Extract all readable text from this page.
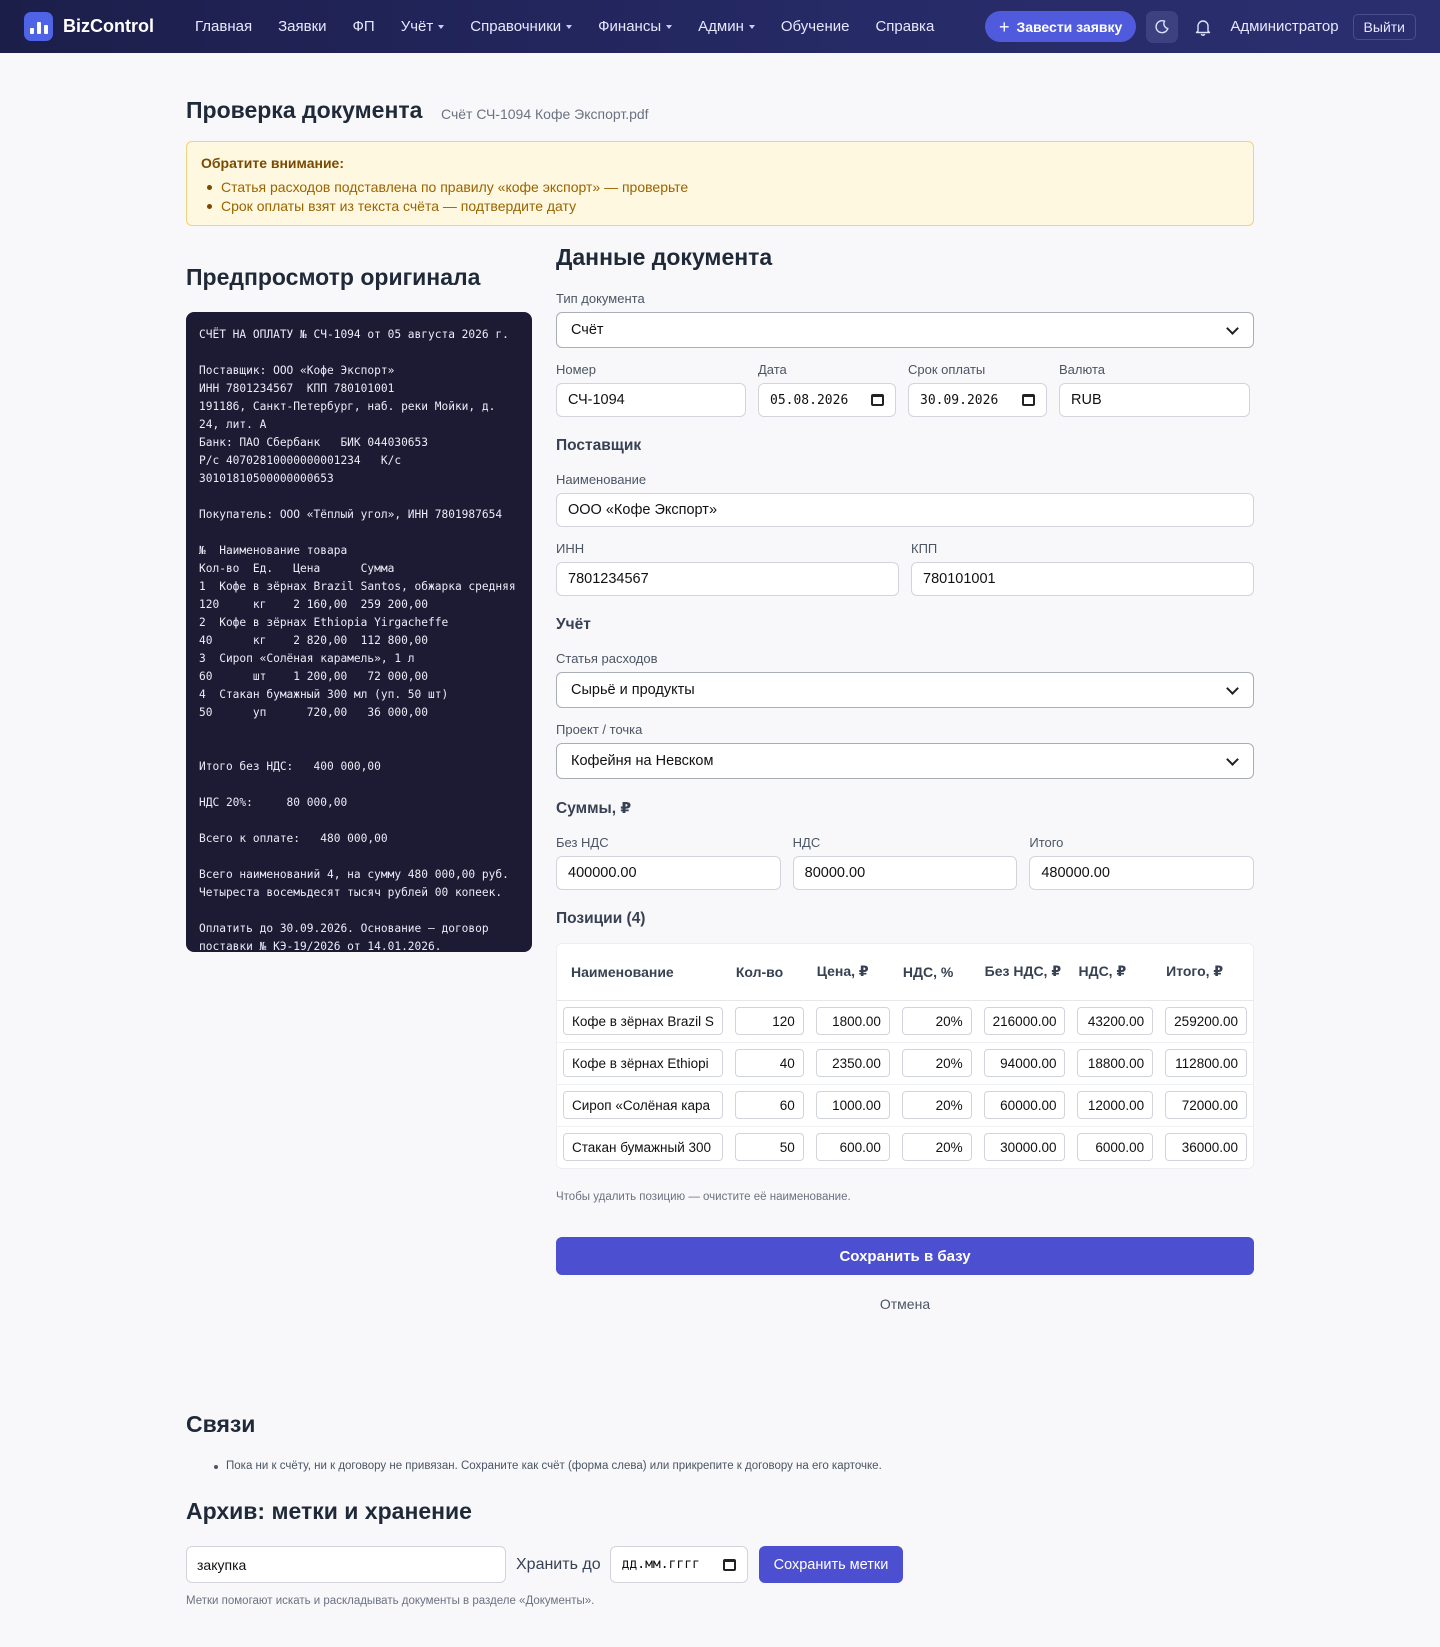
BizControl	Главная Заявки ФП Учёт Справочники Финансы Админ Обучение Справка	+ Завести заявку	Администратор	Выйти
Проверка документа Счёт СЧ-1094 Кофе Экспорт.pdf
Обратите внимание:
Статья расходов подставлена по правилу «кофе экспорт» — проверьте
Срок оплаты взят из текста счёта — подтвердите дату
Предпросмотр оригинала
СЧЁТ НА ОПЛАТУ № СЧ-1094 от 05 августа 2026 г.

Поставщик: ООО «Кофе Экспорт»
ИНН 7801234567  КПП 780101001
191186, Санкт-Петербург, наб. реки Мойки, д. 24, лит. А
Банк: ПАО Сбербанк   БИК 044030653
Р/с 40702810000000001234   К/с
30101810500000000653

Покупатель: ООО «Тёплый угол», ИНН 7801987654

№  Наименование товара
Кол-во  Ед.   Цена      Сумма
1  Кофе в зёрнах Brazil Santos, обжарка средняя
120     кг    2 160,00  259 200,00
2  Кофе в зёрнах Ethiopia Yirgacheffe
40      кг    2 820,00  112 800,00
3  Сироп «Солёная карамель», 1 л
60      шт    1 200,00   72 000,00
4  Стакан бумажный 300 мл (уп. 50 шт)
50      уп      720,00   36 000,00

Итого без НДС:   400 000,00

НДС 20%:     80 000,00

Всего к оплате:   480 000,00

Всего наименований 4, на сумму 480 000,00 руб.
Четыреста восемьдесят тысяч рублей 00 копеек.

Оплатить до 30.09.2026. Основание — договор поставки № КЭ-19/2026 от 14.01.2026.
Данные документа
Тип документа
Счёт
Номер
СЧ-1094
Дата
05.08.2026
Срок оплаты
30.09.2026
Валюта
RUB
Поставщик
Наименование
ООО «Кофе Экспорт»
ИНН
7801234567
КПП
780101001
Учёт
Статья расходов
Сырьё и продукты
Проект / точка
Кофейня на Невском
Суммы, ₽
Без НДС
400000.00
НДС
80000.00
Итого
480000.00
Позиции (4)
Наименование	Кол-во	Цена, ₽	НДС, %	Без НДС, ₽	НДС, ₽	Итого, ₽

Кофе в зёрнах Brazil S	120	1800.00	20%	216000.00	43200.00	259200.00

Кофе в зёрнах Ethiopi	40	2350.00	20%	94000.00	18800.00	112800.00

Сироп «Солёная кара	60	1000.00	20%	60000.00	12000.00	72000.00

Стакан бумажный 300	50	600.00	20%	30000.00	6000.00	36000.00
Чтобы удалить позицию — очистите её наименование.
Сохранить в базу
Отмена
Связи
Пока ни к счёту, ни к договору не привязан. Сохраните как счёт (форма слева) или прикрепите к договору на его карточке.
Архив: метки и хранение
закупка	Хранить до дд.мм.гггг	Сохранить метки
Метки помогают искать и раскладывать документы в разделе «Документы».
